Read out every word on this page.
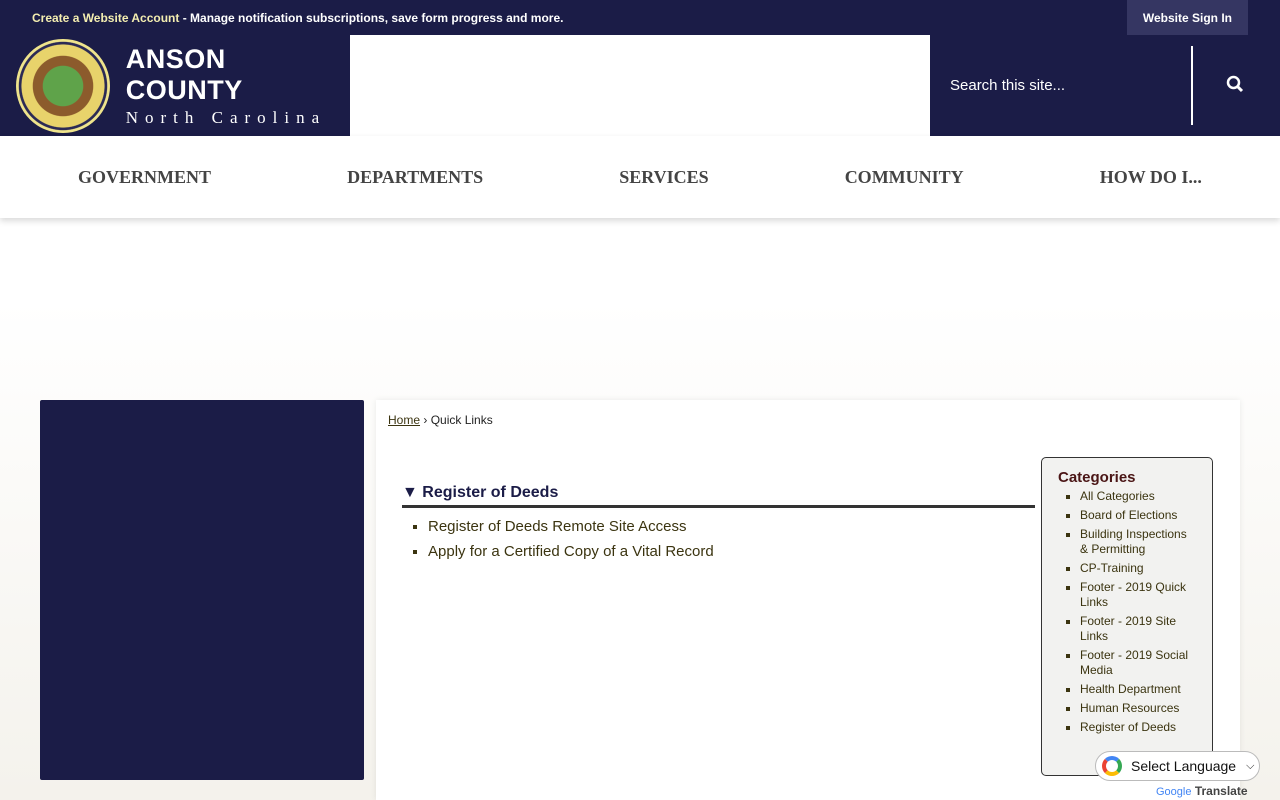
Create a Website Account - Manage notification subscriptions, save form progress and more.	Website Sign In
ANSON COUNTY
North Carolina
Search this site...
GOVERNMENT	DEPARTMENTS	SERVICES	COMMUNITY	HOW DO I...
Home › Quick Links
▼ Register of Deeds
▪ Register of Deeds Remote Site Access
▪ Apply for a Certified Copy of a Vital Record
Categories
▪ All Categories
▪ Board of Elections
▪ Building Inspections & Permitting
▪ CP-Training
▪ Footer - 2019 Quick Links
▪ Footer - 2019 Site Links
▪ Footer - 2019 Social Media
▪ Health Department
▪ Human Resources
▪ Register of Deeds
Select Language ⌵
Google Translate
